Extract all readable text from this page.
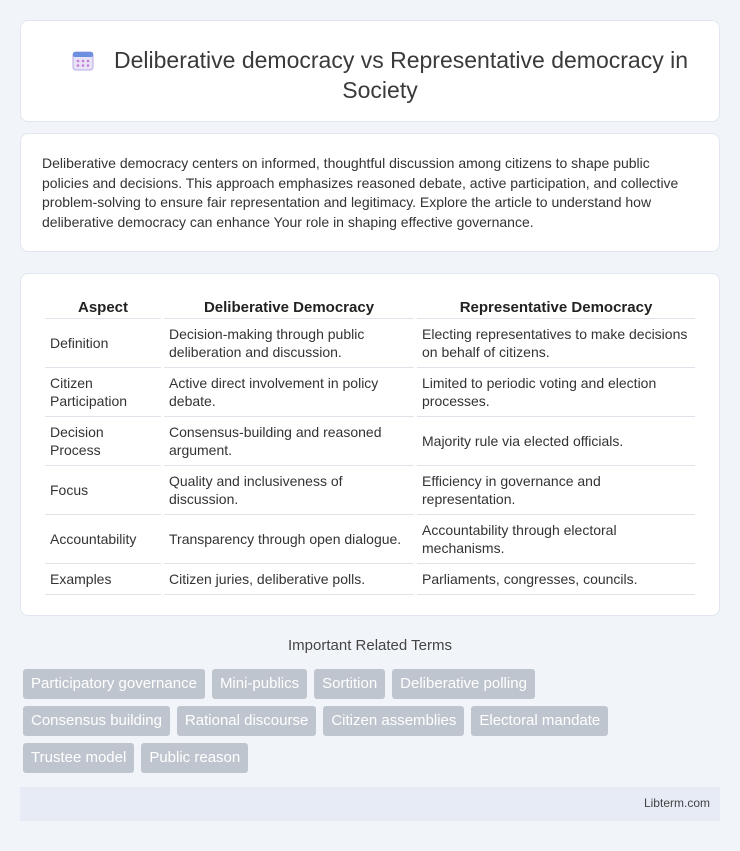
Deliberative democracy vs Representative democracy in Society

Deliberative democracy centers on informed, thoughtful discussion among citizens to shape public policies and decisions. This approach emphasizes reasoned debate, active participation, and collective problem-solving to ensure fair representation and legitimacy. Explore the article to understand how deliberative democracy can enhance Your role in shaping effective governance.

Aspect	Deliberative Democracy	Representative Democracy
Definition	Decision-making through public deliberation and discussion.	Electing representatives to make decisions on behalf of citizens.
Citizen Participation	Active direct involvement in policy debate.	Limited to periodic voting and election processes.
Decision Process	Consensus-building and reasoned argument.	Majority rule via elected officials.
Focus	Quality and inclusiveness of discussion.	Efficiency in governance and representation.
Accountability	Transparency through open dialogue.	Accountability through electoral mechanisms.
Examples	Citizen juries, deliberative polls.	Parliaments, congresses, councils.
Important Related Terms
Participatory governance	Mini-publics	Sortition	Deliberative polling
Consensus building	Rational discourse	Citizen assemblies	Electoral mandate
Trustee model	Public reason
Libterm.com
